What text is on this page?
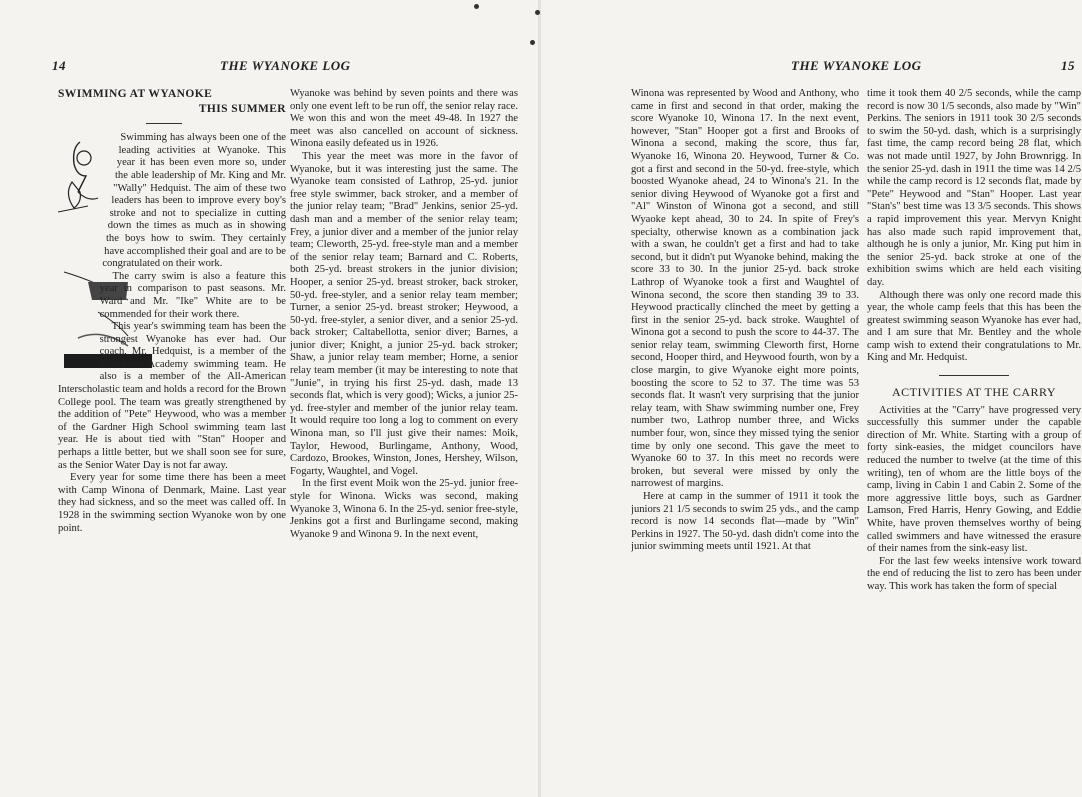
14	THE WYANOKE LOG
SWIMMING AT WYANOKE
THIS SUMMER

Swimming has always been one of the leading activities at Wyanoke. This year it has been even more so, under the able leadership of Mr. King and Mr. "Wally" Hedquist. The aim of these two leaders has been to improve every boy's stroke and not to specialize in cutting down the times as much as in showing the boys how to swim. They certainly have accomplished their goal and are to be congratulated on their work.

The carry swim is also a feature this year in comparison to past seasons. Mr. Ward and Mr. "Ike" White are to be commended for their work there.

This year's swimming team has been the strongest Wyanoke has ever had. Our coach, Mr. Hedquist, is a member of the Worcester Academy swimming team. He also is a member of the All-American Interscholastic team and holds a record for the Brown College pool. The team was greatly strengthened by the addition of "Pete" Heywood, who was a member of the Gardner High School swimming team last year. He is about tied with "Stan" Hooper and perhaps a little better, but we shall soon see for sure, as the Senior Water Day is not far away.

Every year for some time there has been a meet with Camp Winona of Denmark, Maine. Last year they had sickness, and so the meet was called off. In 1928 in the swimming section Wyanoke won by one point.

Wyanoke was behind by seven points and there was only one event left to be run off, the senior relay race. We won this and won the meet 49-48. In 1927 the meet was also cancelled on account of sickness. Winona easily defeated us in 1926.

This year the meet was more in the favor of Wyanoke, but it was interesting just the same. The Wyanoke team consisted of Lathrop, 25-yd. junior free style swimmer, back stroker, and a member of the junior relay team; "Brad" Jenkins, senior 25-yd. dash man and a member of the senior relay team; Frey, a junior diver and a member of the junior relay team; Cleworth, 25-yd. free-style man and a member of the senior relay team; Barnard and C. Roberts, both 25-yd. breast strokers in the junior division; Hooper, a senior 25-yd. breast stroker, back stroker, 50-yd. free-styler, and a senior relay team member; Turner, a senior 25-yd. breast stroker; Heywood, a 50-yd. free-styler, a senior diver, and a senior 25-yd. back stroker; Caltabellotta, senior diver; Barnes, a junior diver; Knight, a junior 25-yd. back stroker; Shaw, a junior relay team member; Horne, a senior relay team member (it may be interesting to note that "Junie", in trying his first 25-yd. dash, made 13 seconds flat, which is very good); Wicks, a junior 25-yd. free-styler and member of the junior relay team. It would require too long a log to comment on every Winona man, so I'll just give their names: Moik, Taylor, Hewood, Burlingame, Anthony, Wood, Cardozo, Brookes, Winston, Jones, Hershey, Wilson, Fogarty, Waughtel, and Vogel.

In the first event Moik won the 25-yd. junior free-style for Winona. Wicks was second, making Wyanoke 3, Winona 6. In the 25-yd. senior free-style, Jenkins got a first and Burlingame second, making Wyanoke 9 and Winona 9. In the next event,

THE WYANOKE LOG	15

Winona was represented by Wood and Anthony, who came in first and second in that order, making the score Wyanoke 10, Winona 17. In the next event, however, "Stan" Hooper got a first and Brooks of Winona a second, making the score, thus far, Wyanoke 16, Winona 20. Heywood, Turner & Co. got a first and second in the 50-yd. free-style, which boosted Wyanoke ahead, 24 to Winona's 21. In the senior diving Heywood of Wyanoke got a first and "Al" Winston of Winona got a second, and still Wyaoke kept ahead, 30 to 24. In spite of Frey's specialty, otherwise known as a combination jack with a swan, he couldn't get a first and had to take second, but it didn't put Wyanoke behind, making the score 33 to 30. In the junior 25-yd. back stroke Lathrop of Wyanoke took a first and Waughtel of Winona second, the score then standing 39 to 33. Heywood practically clinched the meet by getting a first in the senior 25-yd. back stroke. Waughtel of Winona got a second to push the score to 44-37. The senior relay team, swimming Cleworth first, Horne second, Hooper third, and Heywood fourth, won by a close margin, to give Wyanoke eight more points, boosting the score to 52 to 37. The time was 53 seconds flat. It wasn't very surprising that the junior relay team, with Shaw swimming number one, Frey number two, Lathrop number three, and Wicks number four, won, since they missed tying the senior time by only one second. This gave the meet to Wyanoke 60 to 37. In this meet no records were broken, but several were missed by only the narrowest of margins.

Here at camp in the summer of 1911 it took the juniors 21 1/5 seconds to swim 25 yds., and the camp record is now 14 seconds flat—made by "Win" Perkins in 1927. The 50-yd. dash didn't come into the junior swimming meets until 1921. At that

time it took them 40 2/5 seconds, while the camp record is now 30 1/5 seconds, also made by "Win" Perkins. The seniors in 1911 took 30 2/5 seconds to swim the 50-yd. dash, which is a surprisingly fast time, the camp record being 28 flat, which was not made until 1927, by John Brownrigg. In the senior 25-yd. dash in 1911 the time was 14 2/5 while the camp record is 12 seconds flat, made by "Pete" Heywood and "Stan" Hooper. Last year "Stan's" best time was 13 3/5 seconds. This shows a rapid improvement this year. Mervyn Knight has also made such rapid improvement that, although he is only a junior, Mr. King put him in the senior 25-yd. back stroke at one of the exhibition swims which are held each visiting day.

Although there was only one record made this year, the whole camp feels that this has been the greatest swimming season Wyanoke has ever had, and I am sure that Mr. Bentley and the whole camp wish to extend their congratulations to Mr. King and Mr. Hedquist.

ACTIVITIES AT THE CARRY

Activities at the "Carry" have progressed very successfully this summer under the capable direction of Mr. White. Starting with a group of forty sink-easies, the midget councilors have reduced the number to twelve (at the time of this writing), ten of whom are the little boys of the camp, living in Cabin 1 and Cabin 2. Some of the more aggressive little boys, such as Gardner Lamson, Fred Harris, Henry Gowing, and Eddie White, have proven themselves worthy of being called swimmers and have witnessed the erasure of their names from the sink-easy list.

For the last few weeks intensive work toward the end of reducing the list to zero has been under way. This work has taken the form of special
